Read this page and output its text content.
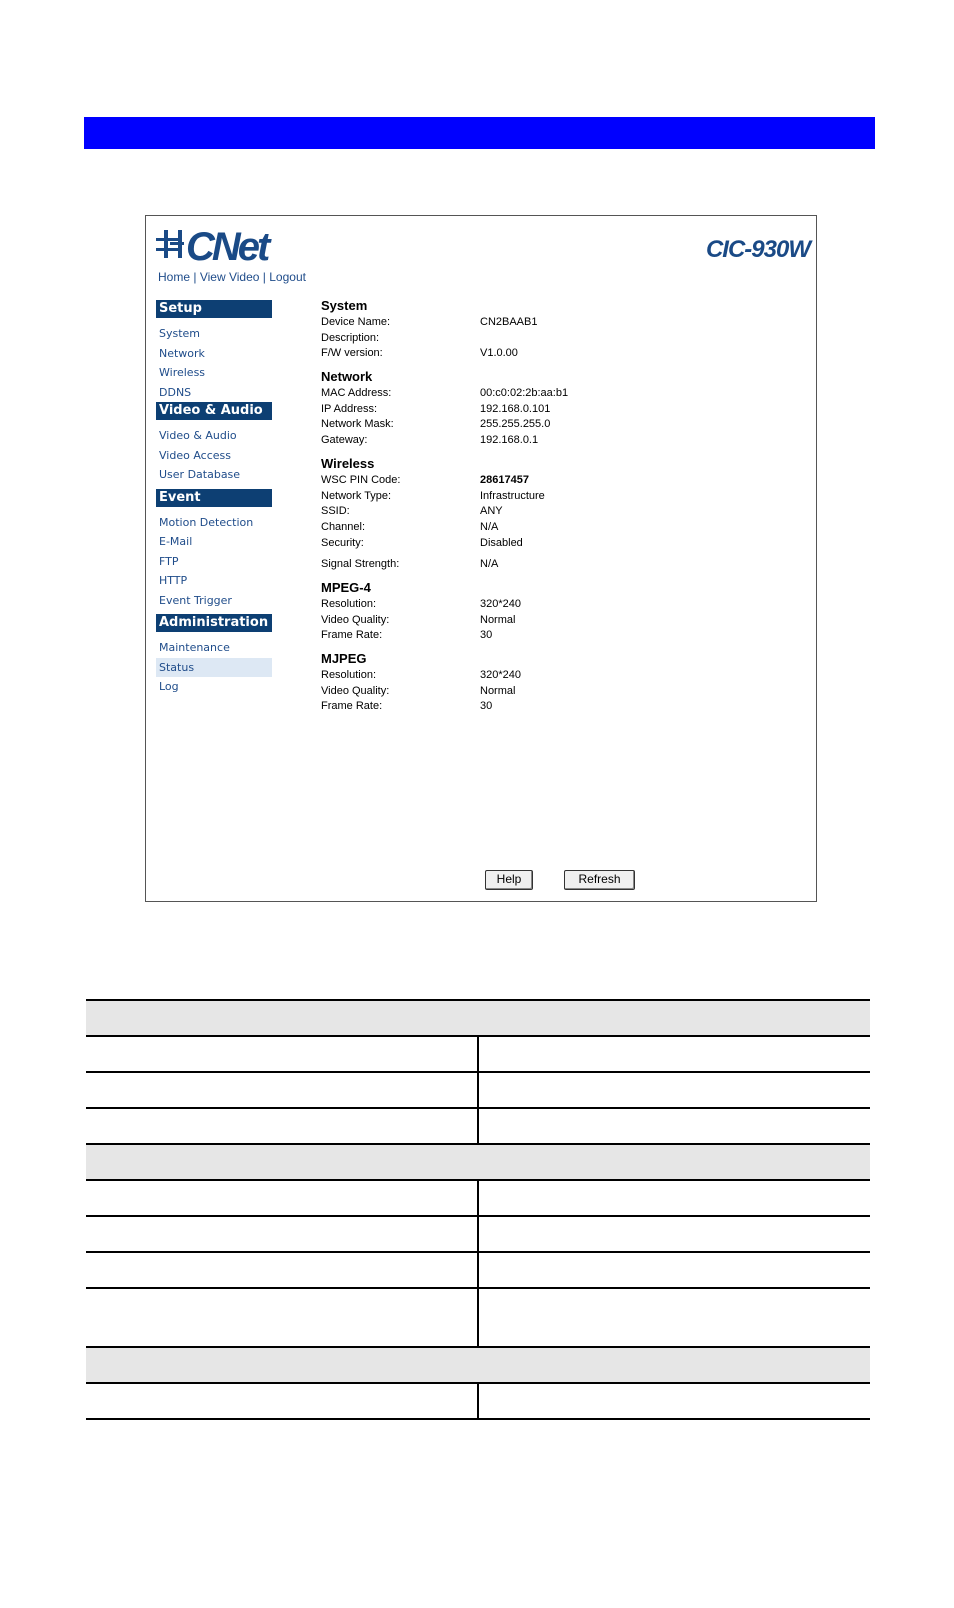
CNet	CIC-930W
Home | View Video | Logout
Setup
System
Network
Wireless
DDNS
Video & Audio
Video & Audio
Video Access
User Database
Event
Motion Detection
E-Mail
FTP
HTTP
Event Trigger
Administration
Maintenance
Status
Log
System
Device Name:	CN2BAAB1
Description:
F/W version:	V1.0.00
Network
MAC Address:	00:c0:02:2b:aa:b1
IP Address:	192.168.0.101
Network Mask:	255.255.255.0
Gateway:	192.168.0.1
Wireless
WSC PIN Code:	28617457
Network Type:	Infrastructure
SSID:	ANY
Channel:	N/A
Security:	Disabled
Signal Strength:	N/A
MPEG-4
Resolution:	320*240
Video Quality:	Normal
Frame Rate:	30
MJPEG
Resolution:	320*240
Video Quality:	Normal
Frame Rate:	30
Help	Refresh
